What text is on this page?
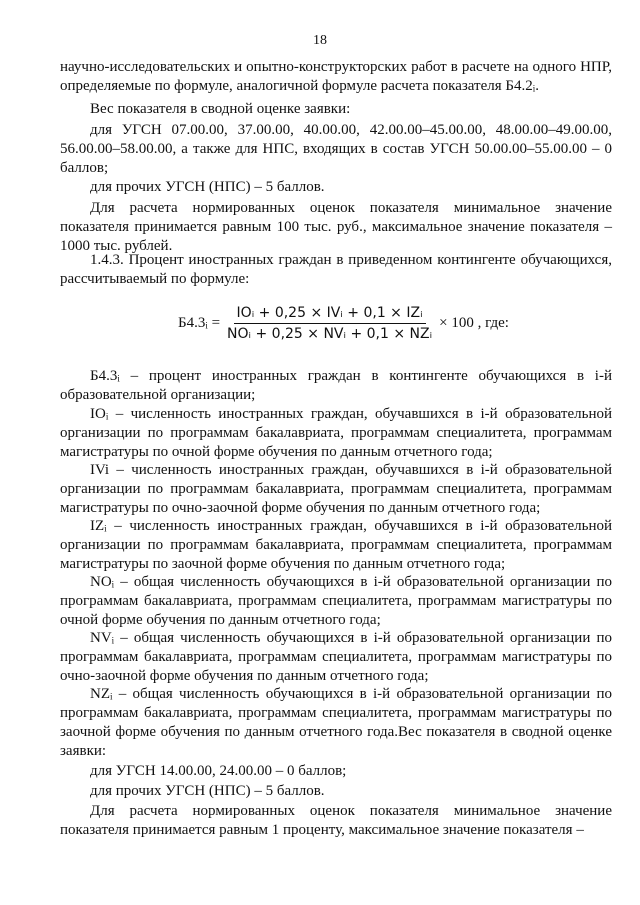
18
научно-исследовательских и опытно-конструкторских работ в расчете на одного НПР, определяемые по формуле, аналогичной формуле расчета показателя Б4.2ᵢ.
Вес показателя в сводной оценке заявки:
для УГСН 07.00.00, 37.00.00, 40.00.00, 42.00.00–45.00.00, 48.00.00–49.00.00, 56.00.00–58.00.00, а также для НПС, входящих в состав УГСН 50.00.00–55.00.00 – 0 баллов;
для прочих УГСН (НПС) – 5 баллов.
Для расчета нормированных оценок показателя минимальное значение показателя принимается равным 100 тыс. руб., максимальное значение показателя – 1000 тыс. рублей.
1.4.3. Процент иностранных граждан в приведенном контингенте обучающихся, рассчитываемый по формуле:
Б4.3ᵢ = $\frac{\text{IOᵢ + 0,25 × IVᵢ + 0,1 × IZᵢ}}{\text{NOᵢ + 0,25 × NVᵢ + 0,1 × NZᵢ}} \times 100$ , где:
Б4.3ᵢ – процент иностранных граждан в контингенте обучающихся в i-й образовательной организации;
IOᵢ – численность иностранных граждан, обучавшихся в i-й образовательной организации по программам бакалавриата, программам специалитета, программам магистратуры по очной форме обучения по данным отчетного года;
IVi – численность иностранных граждан, обучавшихся в i-й образовательной организации по программам бакалавриата, программам специалитета, программам магистратуры по очно-заочной форме обучения по данным отчетного года;
IZᵢ – численность иностранных граждан, обучавшихся в i-й образовательной организации по программам бакалавриата, программам специалитета, программам магистратуры по заочной форме обучения по данным отчетного года;
NOᵢ – общая численность обучающихся в i-й образовательной организации по программам бакалавриата, программам специалитета, программам магистратуры по очной форме обучения по данным отчетного года;
NVᵢ – общая численность обучающихся в i-й образовательной организации по программам бакалавриата, программам специалитета, программам магистратуры по очно-заочной форме обучения по данным отчетного года;
NZᵢ – общая численность обучающихся в i-й образовательной организации по программам бакалавриата, программам специалитета, программам магистратуры по заочной форме обучения по данным отчетного года.Вес показателя в сводной оценке заявки:
для УГСН 14.00.00, 24.00.00 – 0 баллов;
для прочих УГСН (НПС) – 5 баллов.
Для расчета нормированных оценок показателя минимальное значение показателя принимается равным 1 проценту, максимальное значение показателя –
